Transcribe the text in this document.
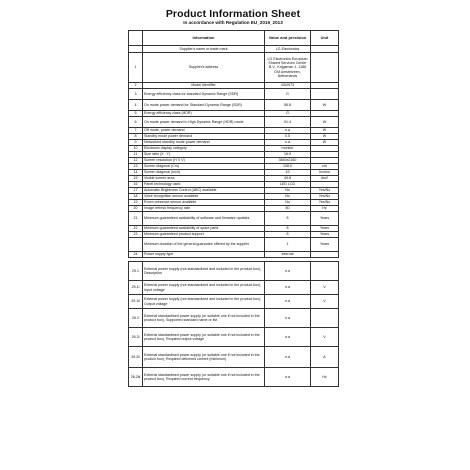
Product Information Sheet
In accordance with Regulation EU_2019_2013
	Information	Value and precision	Unit
	Supplier's name or trade mark	LG Electronics	
1	Supplier's address	LG Electronics European Shared Services Center B.V., Krijgsman 1, 1186 DM Amstelveen, Netherlands	
2	Model identifier	43UN73	
3	Energy efficiency class for standard Dynamic Range (SDR)	G	
4	On mode power demand for Standard Dynamic Range (SDR)	56.8	W
5	Energy efficiency class (HDR)	G	
6	On mode power demand in High Dynamic Range (HDR) mode	91.4	W
7	Off mode, power demand	n.a	W
8	Standby mode power demand	0.5	W
9	Networked standby mode power demand	n.a	W
10	Electronic display category	monitor	
11	Size ratio (X : Y)	16:9	
12	Screen resolution (H X V)	3840x2160	
13	Screen diagonal (Cm)	108.0	cm
14	Screen diagonal (Inch)	43	Inches
15	Visible screen area	49.8	dm2
16	Panel technology used	LED LCD	
17	Automatic Brightness Control (ABC) available	No	Yes/No
18	Voice recognition sensor available	No	Yes/No
19	Room presence sensor available	No	Yes/No
20	Image refresh frequency rate	60	Hz
21	Minimum guaranteed availability of software and firmware updates	8	Years
22	Minimum guaranteed availability of spare parts	8	Years
23	Minimum guaranteed product support	8	Years
	Minimum duration of the general guarantee offered by the supplier	1	Years
24	Power supply type	internal	
25.1	External power supply (not standardized and included in the product box), Description	n.a	
25.1i	External power supply (not standardized and included in the product box), Input voltage	n.a	V
25.1ii	External power supply (not standardized and included in the product box), Output voltage	n.a	V
26.2	External standardised power supply (or suitable one if not included in the product box), Supported standard name or list	n.a	
26.2i	External standardised power supply (or suitable one if not included in the product box), Required output voltage	n.a	V
26.2ii	External standardised power supply (or suitable one if not included in the product box), Required delivered current (minimum)	n.a	A
26.2iii	External standardised power supply (or suitable one if not included in the product box), Required current frequency	n.a	Hz
